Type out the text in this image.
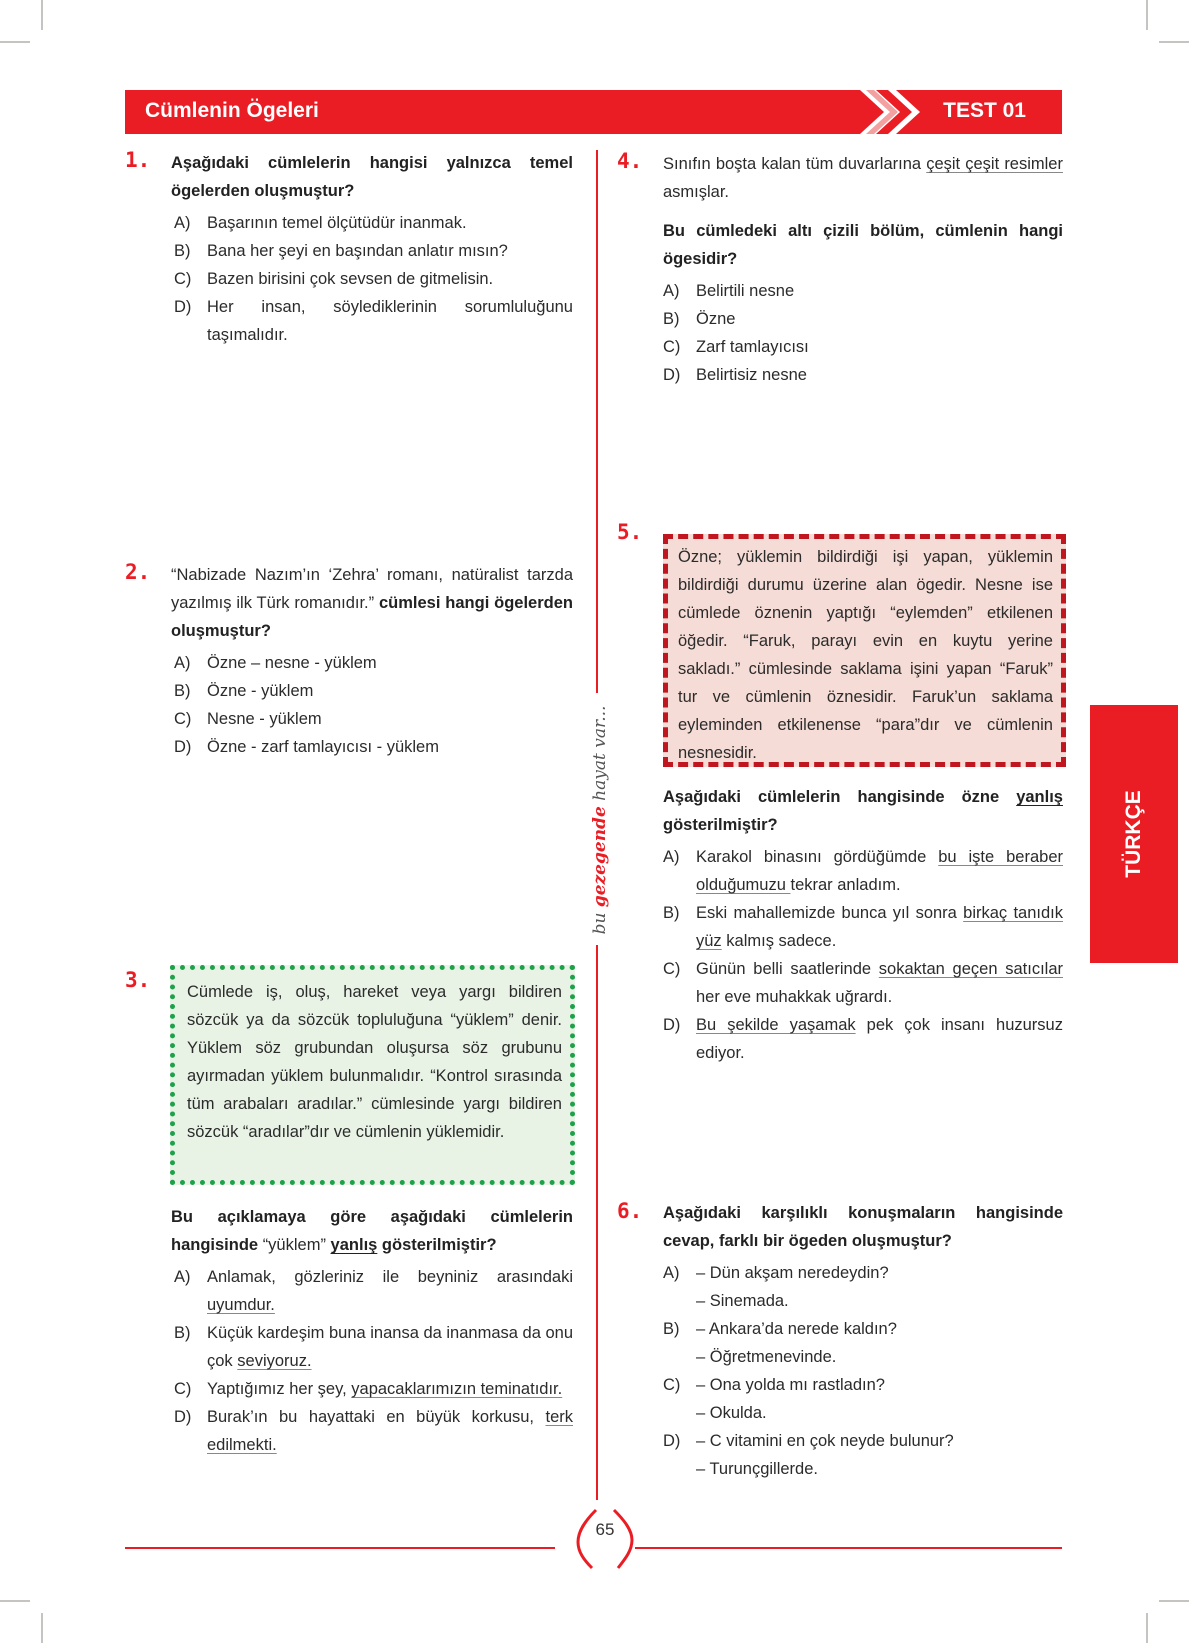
Cümlenin Ögeleri	TEST 01
bu gezegende hayat var...
1. Aşağıdaki cümlelerin hangisi yalnızca temel ögelerden oluşmuştur?
A)	Başarının temel ölçütüdür inanmak.
B)	Bana her şeyi en başından anlatır mısın?
C) Bazen birisini çok sevsen de gitmelisin.
D) Her insan, söylediklerinin sorumluluğunu taşımalıdır.
2. “Nabizade Nazım’ın ‘Zehra’ romanı, natüralist tarzda yazılmış ilk Türk romanıdır.” cümlesi hangi ögelerden oluşmuştur?
A)	Özne – nesne - yüklem
B)	Özne - yüklem
C) Nesne - yüklem
D) Özne - zarf tamlayıcısı - yüklem
3. Cümlede iş, oluş, hareket veya yargı bildiren sözcük ya da sözcük topluluğuna “yüklem” denir. Yüklem söz grubundan oluşursa söz grubunu ayırmadan yüklem bulunmalıdır. “Kontrol sırasında tüm arabaları aradılar.” cümlesinde yargı bildiren sözcük “aradılar”dır ve cümlenin yüklemidir.
Bu açıklamaya göre aşağıdaki cümlelerin hangisinde “yüklem” yanlış gösterilmiştir?
A)	Anlamak, gözleriniz ile beyniniz arasındaki uyumdur.
B)	Küçük kardeşim buna inansa da inanmasa da onu çok seviyoruz.
C) Yaptığımız her şey, yapacaklarımızın teminatıdır.
D) Burak’ın bu hayattaki en büyük korkusu, terk edilmekti.
4. Sınıfın boşta kalan tüm duvarlarına çeşit çeşit resimler asmışlar.
Bu cümledeki altı çizili bölüm, cümlenin hangi ögesidir?
A)	Belirtili nesne
B)	Özne
C) Zarf tamlayıcısı
D) Belirtisiz nesne
5.
Özne; yüklemin bildirdiği işi yapan, yüklemin bildirdiği durumu üzerine alan ögedir. Nesne ise cümlede öznenin yaptığı “eylemden” etkilenen öğedir. “Faruk, parayı evin en kuytu yerine sakladı.” cümlesinde saklama işini yapan “Faruk” tur ve cümlenin öznesidir. Faruk’un saklama eyleminden etkilenense “para”dır ve cümlenin nesnesidir.
Aşağıdaki cümlelerin hangisinde özne yanlış gösterilmiştir?
A)	Karakol binasını gördüğümde bu işte beraber olduğumuzu tekrar anladım.
B)	Eski mahallemizde bunca yıl sonra birkaç tanıdık yüz kalmış sadece.
C) Günün belli saatlerinde sokaktan geçen satıcılar her eve muhakkak uğrardı.
D) Bu şekilde yaşamak pek çok insanı huzursuz ediyor.
6. Aşağıdaki karşılıklı konuşmaların hangisinde cevap, farklı bir ögeden oluşmuştur?
A)	– Dün akşam neredeydin?
– Sinemada.
B)	– Ankara’da nerede kaldın?
– Öğretmenevinde.
C) – Ona yolda mı rastladın?
– Okulda.
D) – C vitamini en çok neyde bulunur?
– Turunçgillerde.
TÜRKÇE
65
